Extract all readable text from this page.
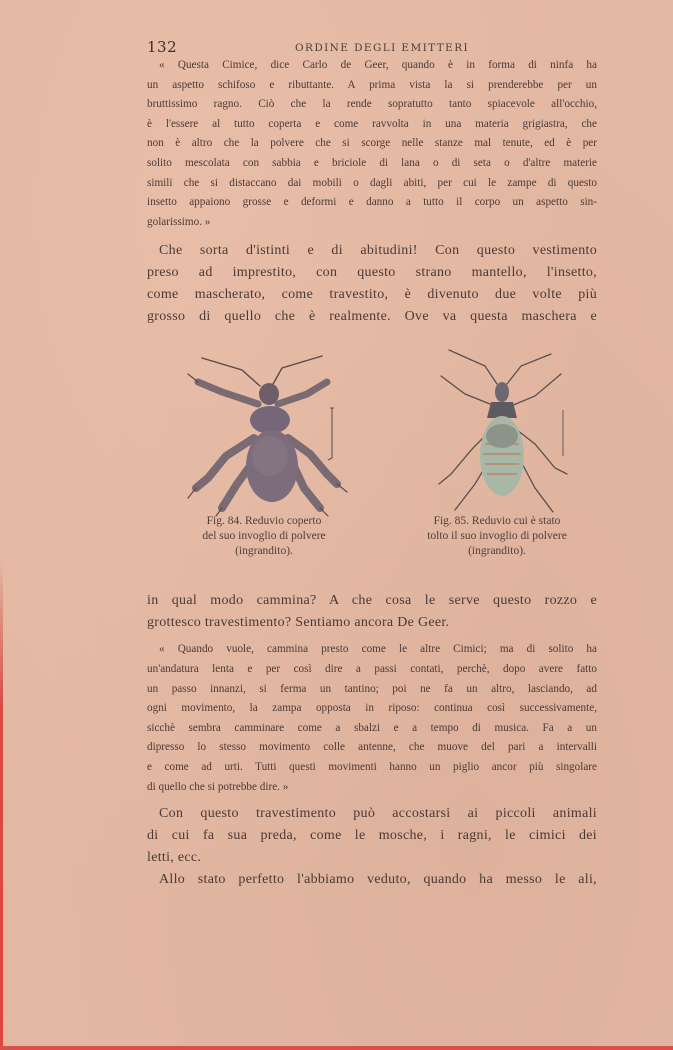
132	ORDINE DEGLI EMITTERI
« Questa Cimice, dice Carlo de Geer, quando è in forma di ninfa ha
un aspetto schifoso e ributtante. A prima vista la si prenderebbe per un
bruttissimo ragno. Ciò che la rende sopratutto tanto spiacevole all'occhio,
è l'essere al tutto coperta e come ravvolta in una materia grigiastra, che
non è altro che la polvere che si scorge nelle stanze mal tenute, ed è per
solito mescolata con sabbia e briciole di lana o di seta o d'altre materie
simili che si distaccano dai mobili o dagli abiti, per cui le zampe di questo
insetto appaiono grosse e deformi e danno a tutto il corpo un aspetto sin-
golarissimo. »
Che sorta d'istinti e di abitudini! Con questo vestimento
preso ad imprestito, con questo strano mantello, l'insetto,
come mascherato, come travestito, è divenuto due volte più
grosso di quello che è realmente. Ove va questa maschera e
Fig. 84. Reduvio coperto
del suo invoglio di polvere
(ingrandito).
Fig. 85. Reduvio cui è stato
tolto il suo invoglio di polvere
(ingrandito).
in qual modo cammina? A che cosa le serve questo rozzo e
grottesco travestimento? Sentiamo ancora De Geer.
« Quando vuole, cammina presto come le altre Cimici; ma di solito ha
un'andatura lenta e per così dire a passi contati, perchè, dopo avere fatto
un passo innanzi, si ferma un tantino; poi ne fa un altro, lasciando, ad
ogni movimento, la zampa opposta in riposo: continua così successivamente,
sicchè sembra camminare come a sbalzi e a tempo di musica. Fa a un
dipresso lo stesso movimento colle antenne, che muove del pari a intervalli
e come ad urti. Tutti questi movimenti hanno un piglio ancor più singolare
di quello che si potrebbe dire. »
Con questo travestimento può accostarsi ai piccoli animali
di cui fa sua preda, come le mosche, i ragni, le cimici dei
letti, ecc.
Allo stato perfetto l'abbiamo veduto, quando ha messo le ali,
